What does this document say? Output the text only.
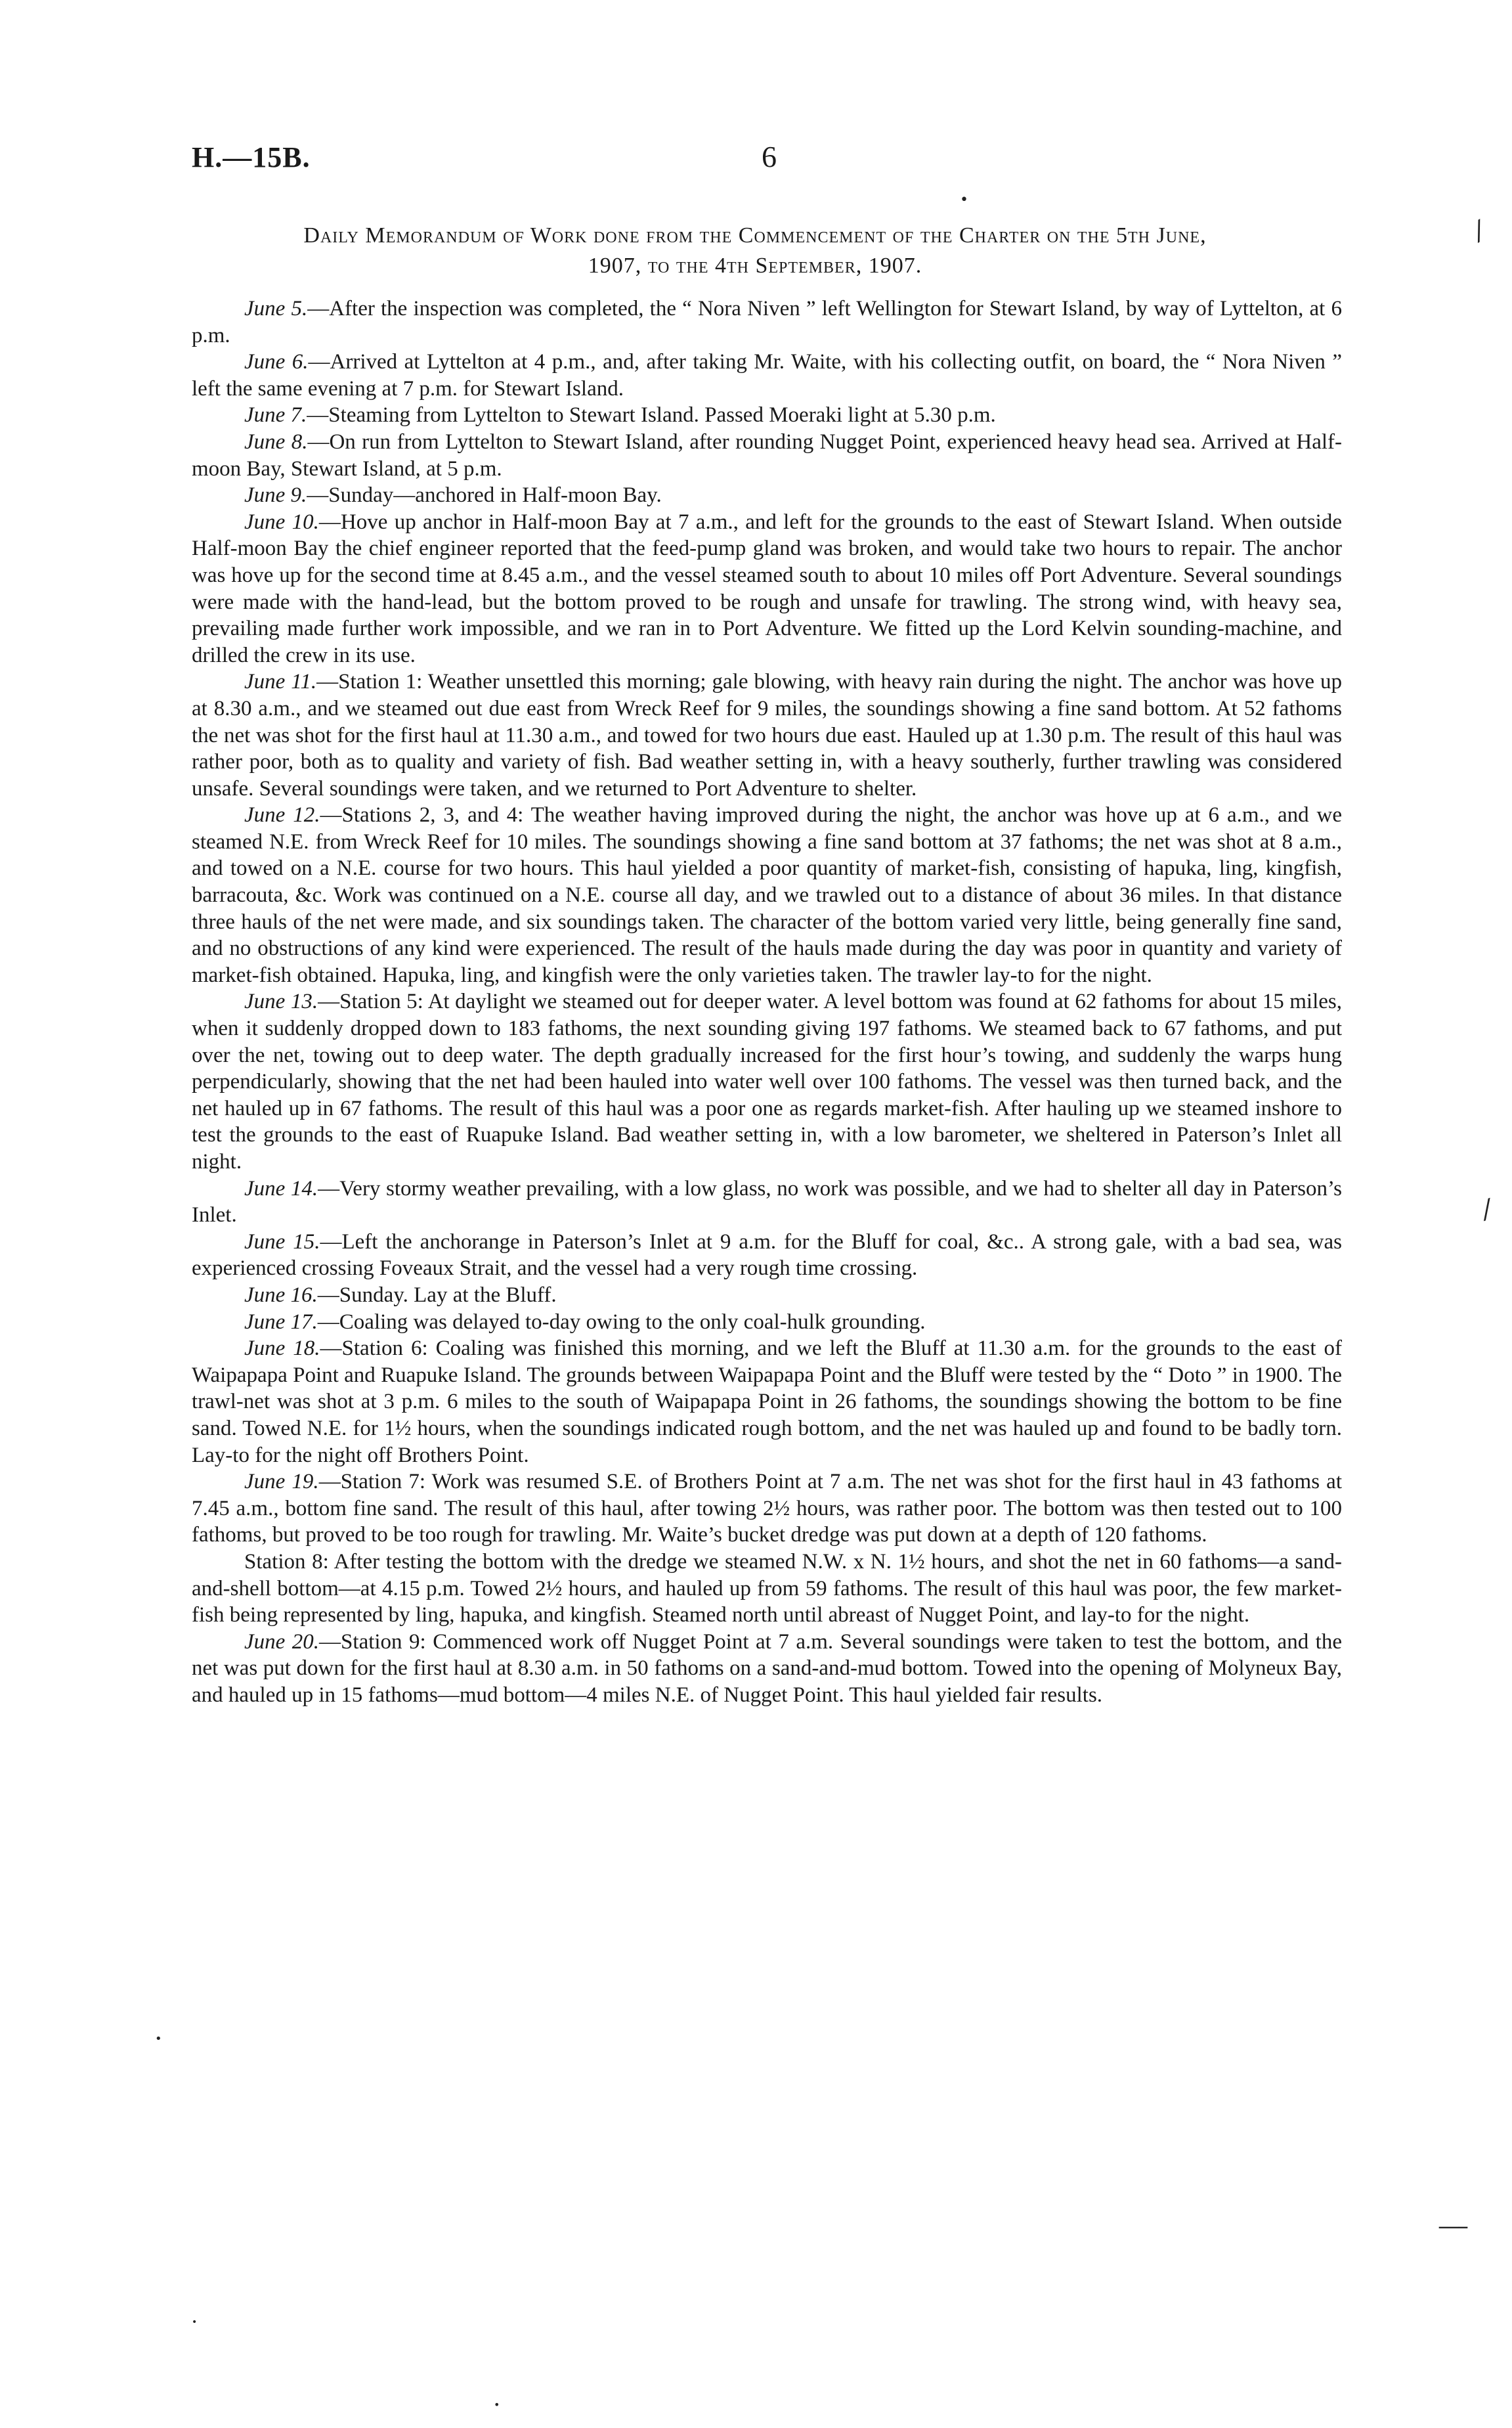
H.—15B.	6
Daily Memorandum of Work done from the Commencement of the Charter on the 5th June,
1907, to the 4th September, 1907.

June 5.—After the inspection was completed, the “ Nora Niven ” left Wellington for Stewart Island, by way of Lyttelton, at 6 p.m.

June 6.—Arrived at Lyttelton at 4 p.m., and, after taking Mr. Waite, with his collecting outfit, on board, the “ Nora Niven ” left the same evening at 7 p.m. for Stewart Island.

June 7.—Steaming from Lyttelton to Stewart Island. Passed Moeraki light at 5.30 p.m.

June 8.—On run from Lyttelton to Stewart Island, after rounding Nugget Point, experienced heavy head sea. Arrived at Half-moon Bay, Stewart Island, at 5 p.m.

June 9.—Sunday—anchored in Half-moon Bay.

June 10.—Hove up anchor in Half-moon Bay at 7 a.m., and left for the grounds to the east of Stewart Island. When outside Half-moon Bay the chief engineer reported that the feed-pump gland was broken, and would take two hours to repair. The anchor was hove up for the second time at 8.45 a.m., and the vessel steamed south to about 10 miles off Port Adventure. Several soundings were made with the hand-lead, but the bottom proved to be rough and unsafe for trawling. The strong wind, with heavy sea, prevailing made further work impossible, and we ran in to Port Adventure. We fitted up the Lord Kelvin sounding-machine, and drilled the crew in its use.

June 11.—Station 1: Weather unsettled this morning; gale blowing, with heavy rain during the night. The anchor was hove up at 8.30 a.m., and we steamed out due east from Wreck Reef for 9 miles, the soundings showing a fine sand bottom. At 52 fathoms the net was shot for the first haul at 11.30 a.m., and towed for two hours due east. Hauled up at 1.30 p.m. The result of this haul was rather poor, both as to quality and variety of fish. Bad weather setting in, with a heavy southerly, further trawling was considered unsafe. Several soundings were taken, and we returned to Port Adventure to shelter.

June 12.—Stations 2, 3, and 4: The weather having improved during the night, the anchor was hove up at 6 a.m., and we steamed N.E. from Wreck Reef for 10 miles. The soundings showing a fine sand bottom at 37 fathoms; the net was shot at 8 a.m., and towed on a N.E. course for two hours. This haul yielded a poor quantity of market-fish, consisting of hapuka, ling, kingfish, barracouta, &c. Work was continued on a N.E. course all day, and we trawled out to a distance of about 36 miles. In that distance three hauls of the net were made, and six soundings taken. The character of the bottom varied very little, being generally fine sand, and no obstructions of any kind were experienced. The result of the hauls made during the day was poor in quantity and variety of market-fish obtained. Hapuka, ling, and kingfish were the only varieties taken. The trawler lay-to for the night.

June 13.—Station 5: At daylight we steamed out for deeper water. A level bottom was found at 62 fathoms for about 15 miles, when it suddenly dropped down to 183 fathoms, the next sounding giving 197 fathoms. We steamed back to 67 fathoms, and put over the net, towing out to deep water. The depth gradually increased for the first hour’s towing, and suddenly the warps hung perpendicularly, showing that the net had been hauled into water well over 100 fathoms. The vessel was then turned back, and the net hauled up in 67 fathoms. The result of this haul was a poor one as regards market-fish. After hauling up we steamed inshore to test the grounds to the east of Ruapuke Island. Bad weather setting in, with a low barometer, we sheltered in Paterson’s Inlet all night.

June 14.—Very stormy weather prevailing, with a low glass, no work was possible, and we had to shelter all day in Paterson’s Inlet.

June 15.—Left the anchorange in Paterson’s Inlet at 9 a.m. for the Bluff for coal, &c.. A strong gale, with a bad sea, was experienced crossing Foveaux Strait, and the vessel had a very rough time crossing.

June 16.—Sunday. Lay at the Bluff.

June 17.—Coaling was delayed to-day owing to the only coal-hulk grounding.

June 18.—Station 6: Coaling was finished this morning, and we left the Bluff at 11.30 a.m. for the grounds to the east of Waipapapa Point and Ruapuke Island. The grounds between Waipapapa Point and the Bluff were tested by the “ Doto ” in 1900. The trawl-net was shot at 3 p.m. 6 miles to the south of Waipapapa Point in 26 fathoms, the soundings showing the bottom to be fine sand. Towed N.E. for 1½ hours, when the soundings indicated rough bottom, and the net was hauled up and found to be badly torn. Lay-to for the night off Brothers Point.

June 19.—Station 7: Work was resumed S.E. of Brothers Point at 7 a.m. The net was shot for the first haul in 43 fathoms at 7.45 a.m., bottom fine sand. The result of this haul, after towing 2½ hours, was rather poor. The bottom was then tested out to 100 fathoms, but proved to be too rough for trawling. Mr. Waite’s bucket dredge was put down at a depth of 120 fathoms.

Station 8: After testing the bottom with the dredge we steamed N.W. x N. 1½ hours, and shot the net in 60 fathoms—a sand-and-shell bottom—at 4.15 p.m. Towed 2½ hours, and hauled up from 59 fathoms. The result of this haul was poor, the few market-fish being represented by ling, hapuka, and kingfish. Steamed north until abreast of Nugget Point, and lay-to for the night.

June 20.—Station 9: Commenced work off Nugget Point at 7 a.m. Several soundings were taken to test the bottom, and the net was put down for the first haul at 8.30 a.m. in 50 fathoms on a sand-and-mud bottom. Towed into the opening of Molyneux Bay, and hauled up in 15 fathoms—mud bottom—4 miles N.E. of Nugget Point. This haul yielded fair results.

•
⁄
⁄
•
—–
•
•
